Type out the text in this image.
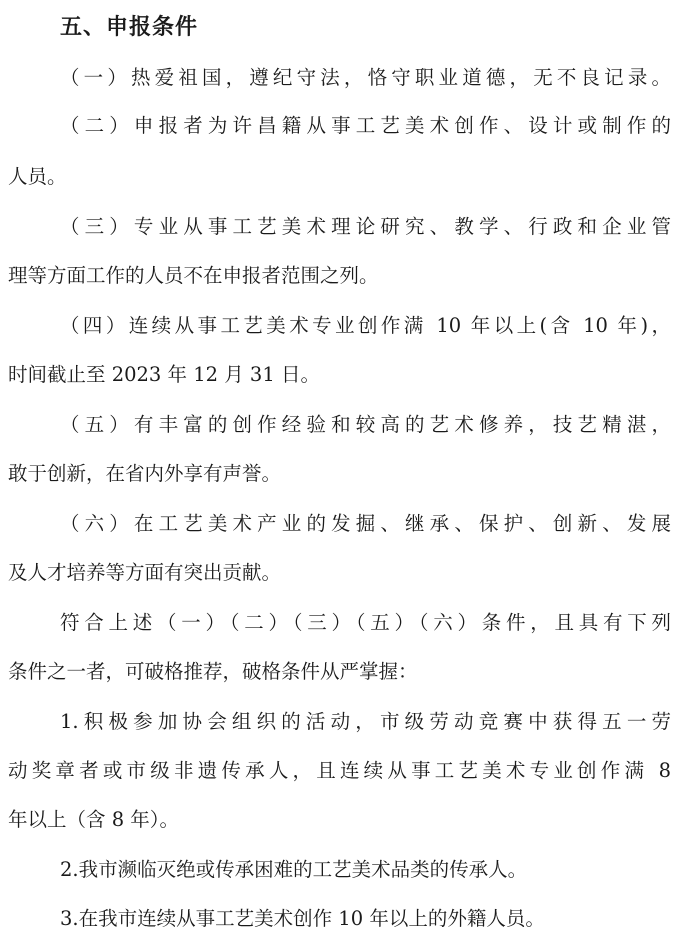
五、申报条件
（一）热爱祖国，遵纪守法，恪守职业道德，无不良记录。
（二）申报者为许昌籍从事工艺美术创作、设计或制作的
人员。
（三）专业从事工艺美术理论研究、教学、行政和企业管
理等方面工作的人员不在申报者范围之列。
（四）连续从事工艺美术专业创作满 10 年以上(含 10 年)，
时间截止至 2023 年 12 月 31 日。
（五）有丰富的创作经验和较高的艺术修养，技艺精湛，
敢于创新，在省内外享有声誉。
（六）在工艺美术产业的发掘、继承、保护、创新、发展
及人才培养等方面有突出贡献。
符合上述（一）（二）（三）（五）（六）条件，且具有下列
条件之一者，可破格推荐，破格条件从严掌握：
1.积极参加协会组织的活动，市级劳动竞赛中获得五一劳
动奖章者或市级非遗传承人，且连续从事工艺美术专业创作满 8
年以上（含 8 年）。
2.我市濒临灭绝或传承困难的工艺美术品类的传承人。
3.在我市连续从事工艺美术创作 10 年以上的外籍人员。
